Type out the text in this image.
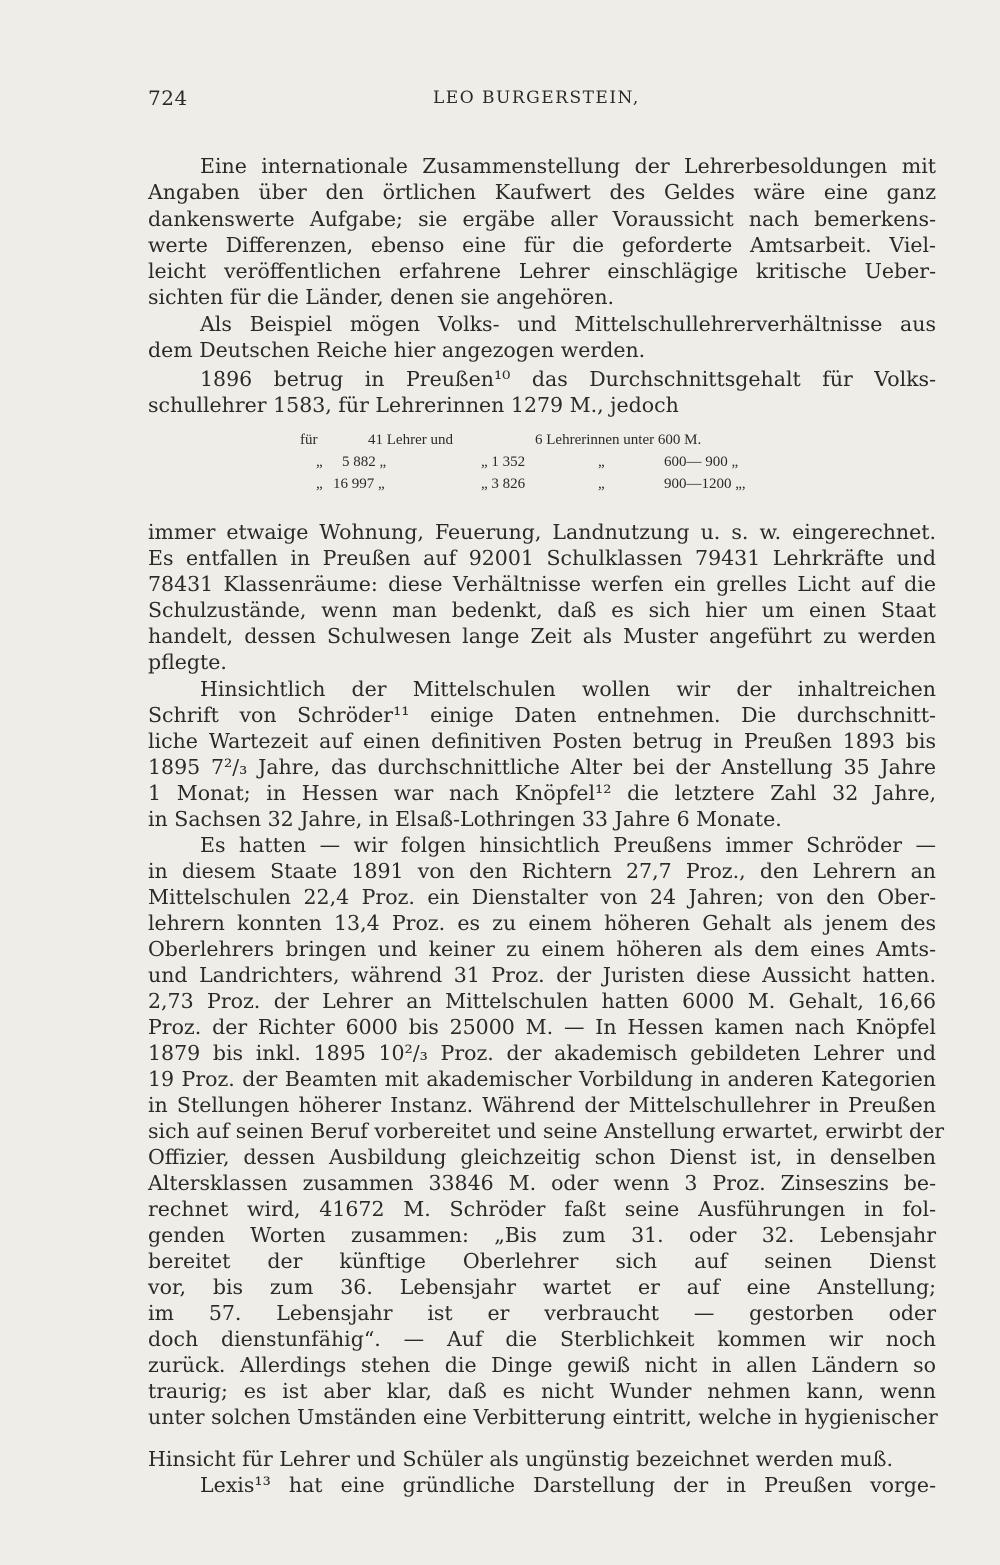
724	LEO BURGERSTEIN,
Eine internationale Zusammenstellung der Lehrerbesoldungen mit
Angaben über den örtlichen Kaufwert des Geldes wäre eine ganz
dankenswerte Aufgabe; sie ergäbe aller Voraussicht nach bemerkens-
werte Differenzen, ebenso eine für die geforderte Amtsarbeit. Viel-
leicht veröffentlichen erfahrene Lehrer einschlägige kritische Ueber-
sichten für die Länder, denen sie angehören.
Als Beispiel mögen Volks- und Mittelschullehrerverhältnisse aus
dem Deutschen Reiche hier angezogen werden.
1896 betrug in Preußen¹⁰ das Durchschnittsgehalt für Volks-
schullehrer 1583, für Lehrerinnen 1279 M., jedoch
immer etwaige Wohnung, Feuerung, Landnutzung u. s. w. eingerechnet.
Es entfallen in Preußen auf 92001 Schulklassen 79431 Lehrkräfte und
78431 Klassenräume: diese Verhältnisse werfen ein grelles Licht auf die
Schulzustände, wenn man bedenkt, daß es sich hier um einen Staat
handelt, dessen Schulwesen lange Zeit als Muster angeführt zu werden
pflegte.
Hinsichtlich der Mittelschulen wollen wir der inhaltreichen
Schrift von Schröder¹¹ einige Daten entnehmen. Die durchschnitt-
liche Wartezeit auf einen definitiven Posten betrug in Preußen 1893 bis
1895 7²/₃ Jahre, das durchschnittliche Alter bei der Anstellung 35 Jahre
1 Monat; in Hessen war nach Knöpfel¹² die letztere Zahl 32 Jahre,
in Sachsen 32 Jahre, in Elsaß-Lothringen 33 Jahre 6 Monate.
Es hatten — wir folgen hinsichtlich Preußens immer Schröder —
in diesem Staate 1891 von den Richtern 27,7 Proz., den Lehrern an
Mittelschulen 22,4 Proz. ein Dienstalter von 24 Jahren; von den Ober-
lehrern konnten 13,4 Proz. es zu einem höheren Gehalt als jenem des
Oberlehrers bringen und keiner zu einem höheren als dem eines Amts-
und Landrichters, während 31 Proz. der Juristen diese Aussicht hatten.
2,73 Proz. der Lehrer an Mittelschulen hatten 6000 M. Gehalt, 16,66
Proz. der Richter 6000 bis 25000 M. — In Hessen kamen nach Knöpfel
1879 bis inkl. 1895 10²/₃ Proz. der akademisch gebildeten Lehrer und
19 Proz. der Beamten mit akademischer Vorbildung in anderen Kategorien
in Stellungen höherer Instanz. Während der Mittelschullehrer in Preußen
sich auf seinen Beruf vorbereitet und seine Anstellung erwartet, erwirbt der
Offizier, dessen Ausbildung gleichzeitig schon Dienst ist, in denselben
Altersklassen zusammen 33846 M. oder wenn 3 Proz. Zinseszins be-
rechnet wird, 41672 M. Schröder faßt seine Ausführungen in fol-
genden Worten zusammen: „Bis zum 31. oder 32. Lebensjahr
bereitet der künftige Oberlehrer sich auf seinen Dienst
vor, bis zum 36. Lebensjahr wartet er auf eine Anstellung;
im 57. Lebensjahr ist er verbraucht — gestorben oder
doch dienstunfähig“. — Auf die Sterblichkeit kommen wir noch
zurück. Allerdings stehen die Dinge gewiß nicht in allen Ländern so
traurig; es ist aber klar, daß es nicht Wunder nehmen kann, wenn
unter solchen Umständen eine Verbitterung eintritt, welche in hygienischer
Hinsicht für Lehrer und Schüler als ungünstig bezeichnet werden muß.
Lexis¹³ hat eine gründliche Darstellung der in Preußen vorge-
für	41 Lehrer und	6 Lehrerinnen unter 600 M.
„ 5 882 „	„ 1 352	„	600— 900 „
„ 16 997 „	„ 3 826	„	900—1200 „,
